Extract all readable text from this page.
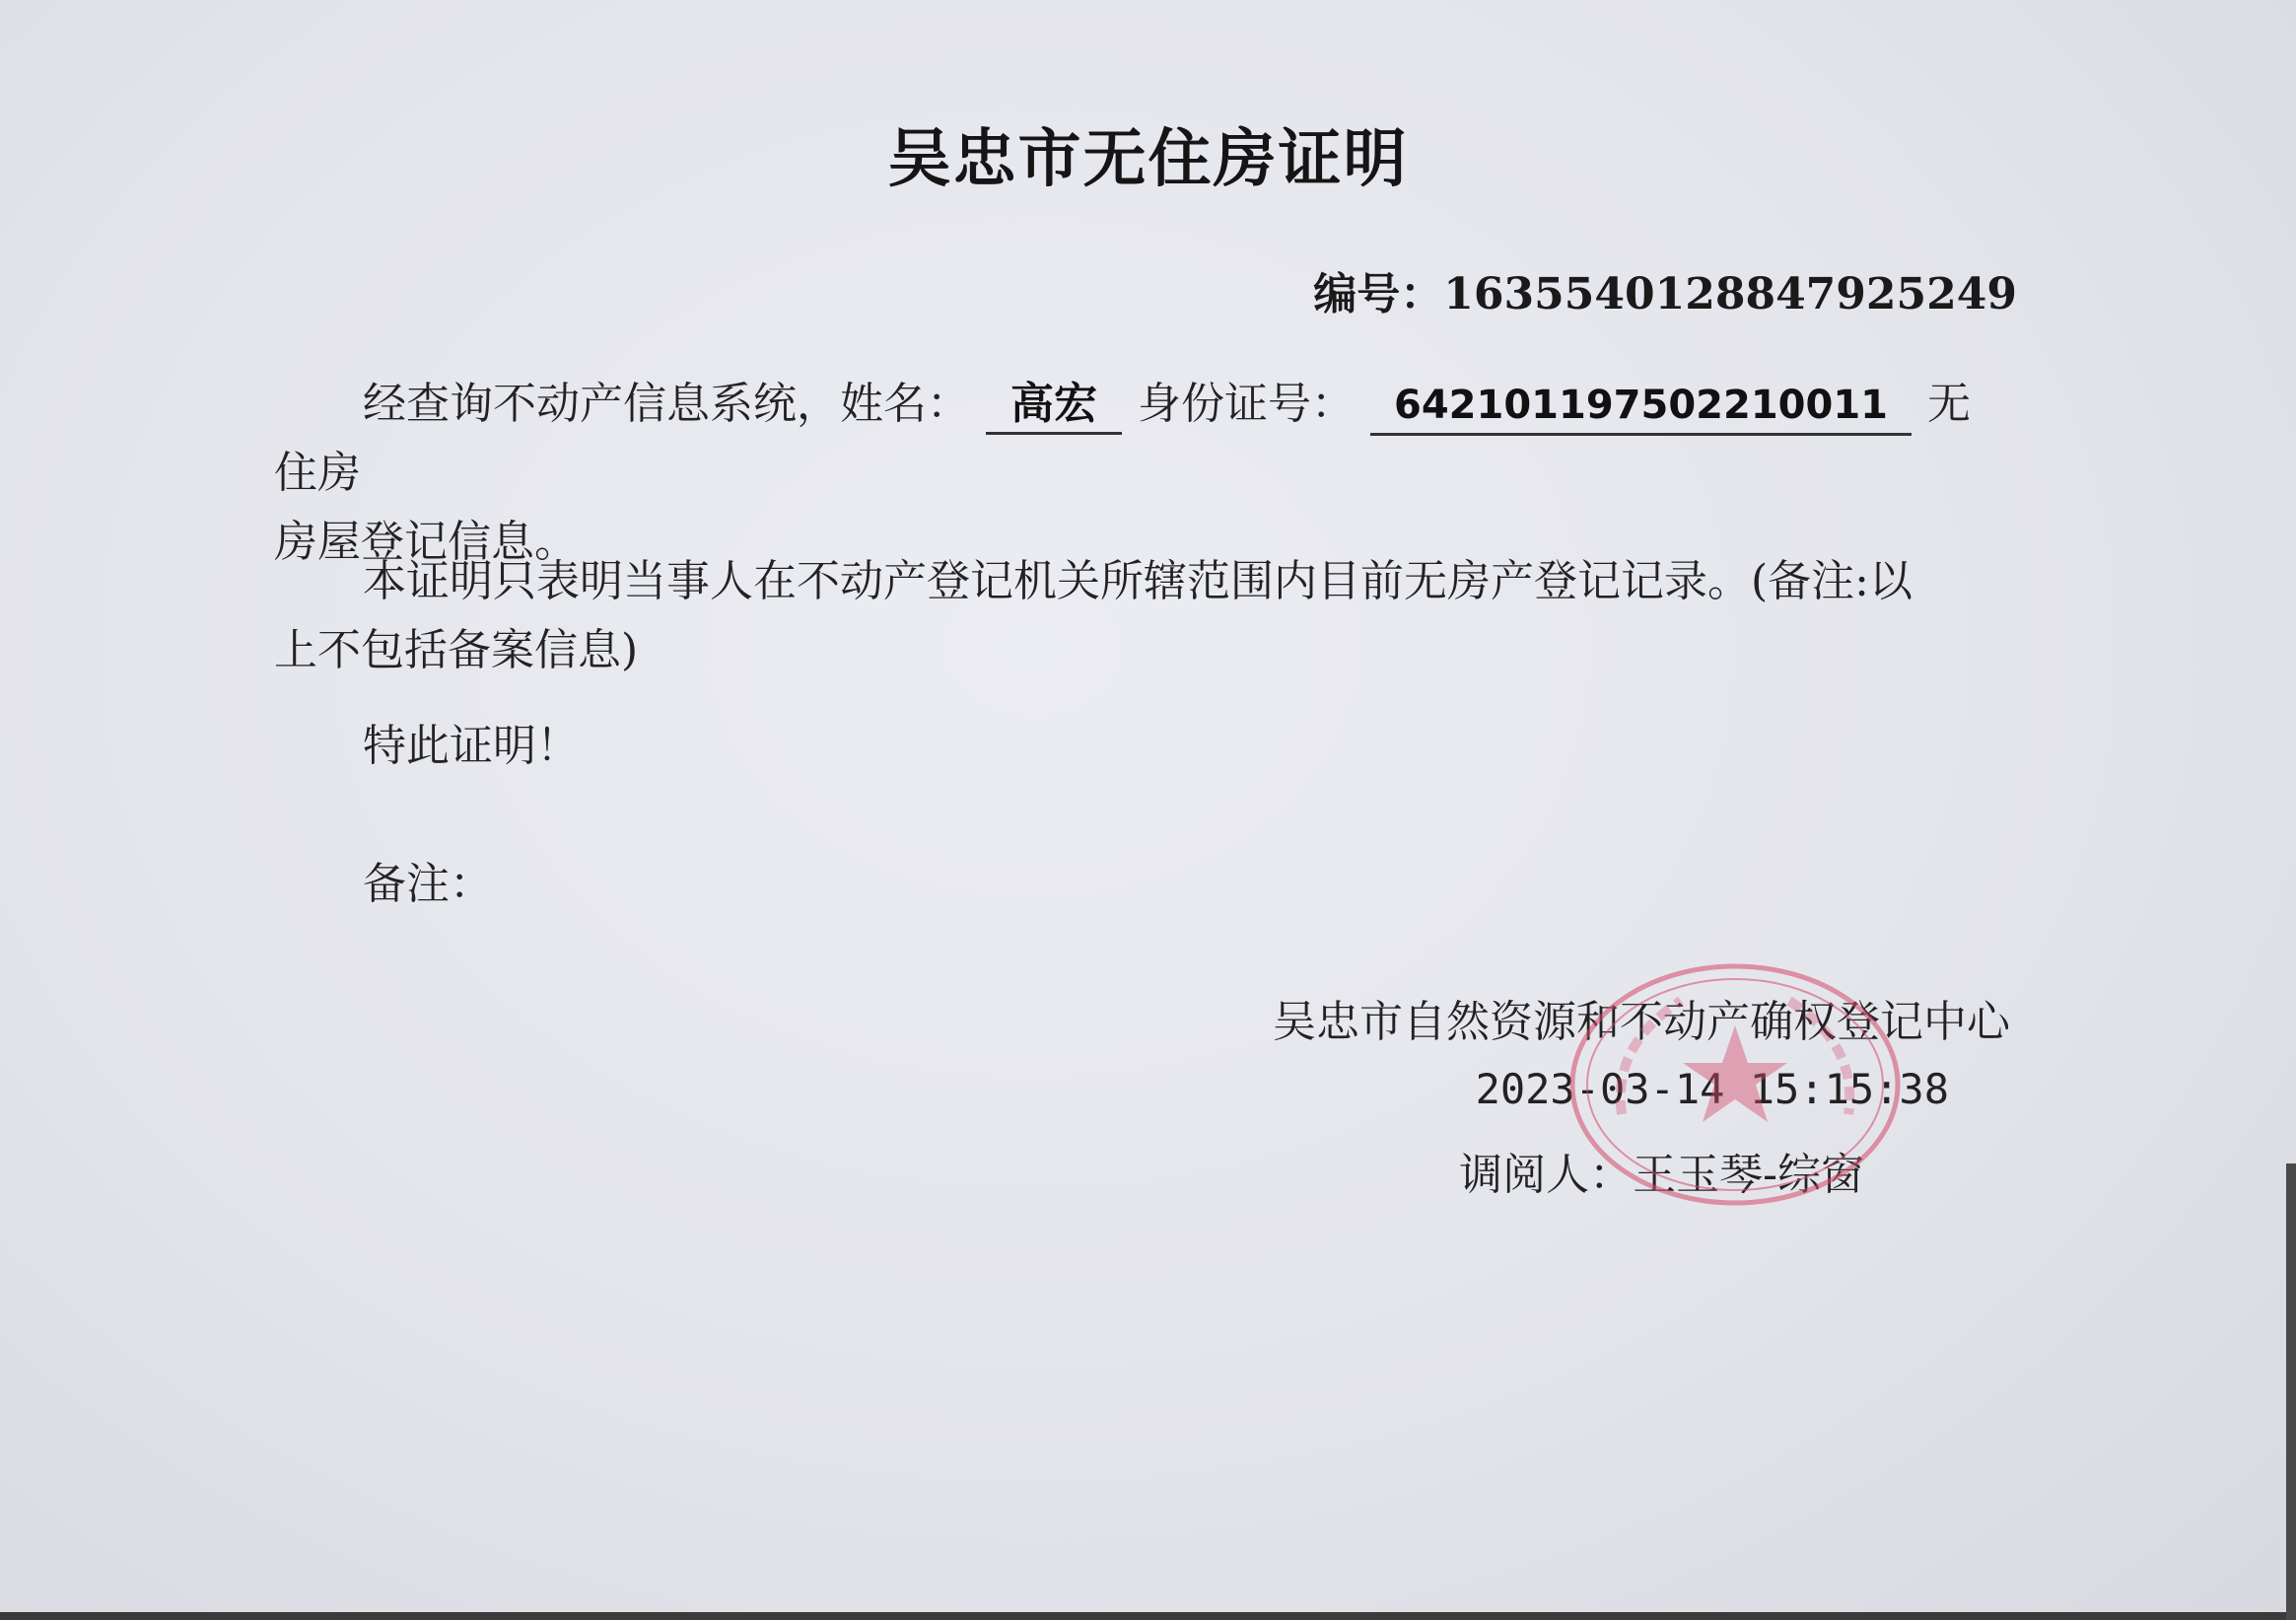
吴忠市无住房证明
编号：1635540128847925249
经查询不动产信息系统，姓名： 高宏 身份证号： 642101197502210011 无住房
房屋登记信息。
本证明只表明当事人在不动产登记机关所辖范围内目前无房产登记记录。(备注:以
上不包括备案信息)
特此证明！
备注：
吴忠市自然资源和不动产确权登记中心
2023-03-14 15:15:38
调阅人：王玉琴-综窗
